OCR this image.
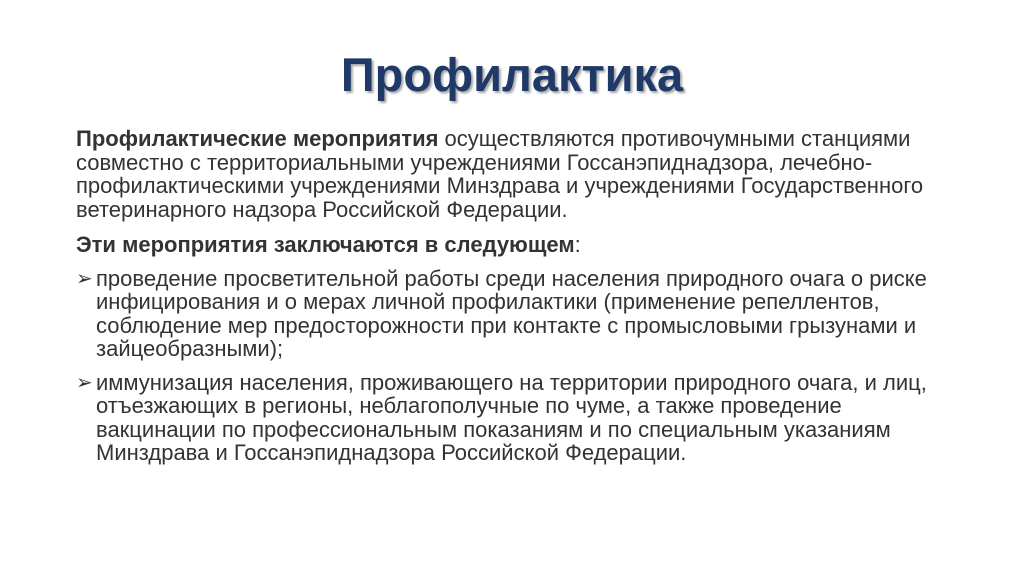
Профилактика

Профилактические мероприятия осуществляются противочумными станциями совместно с территориальными учреждениями Госсанэпиднадзора, лечебно-профилактическими учреждениями Минздрава и учреждениями Государственного ветеринарного надзора Российской Федерации.

Эти мероприятия заключаются в следующем:

➢ проведение просветительной работы среди населения природного очага о риске инфицирования и о мерах личной профилактики (применение репеллентов, соблюдение мер предосторожности при контакте с промысловыми грызунами и зайцеобразными);
➢ иммунизация населения, проживающего на территории природного очага, и лиц, отъезжающих в регионы, неблагополучные по чуме, а также проведение вакцинации по профессиональным показаниям и по специальным указаниям Минздрава и Госсанэпиднадзора Российской Федерации.
